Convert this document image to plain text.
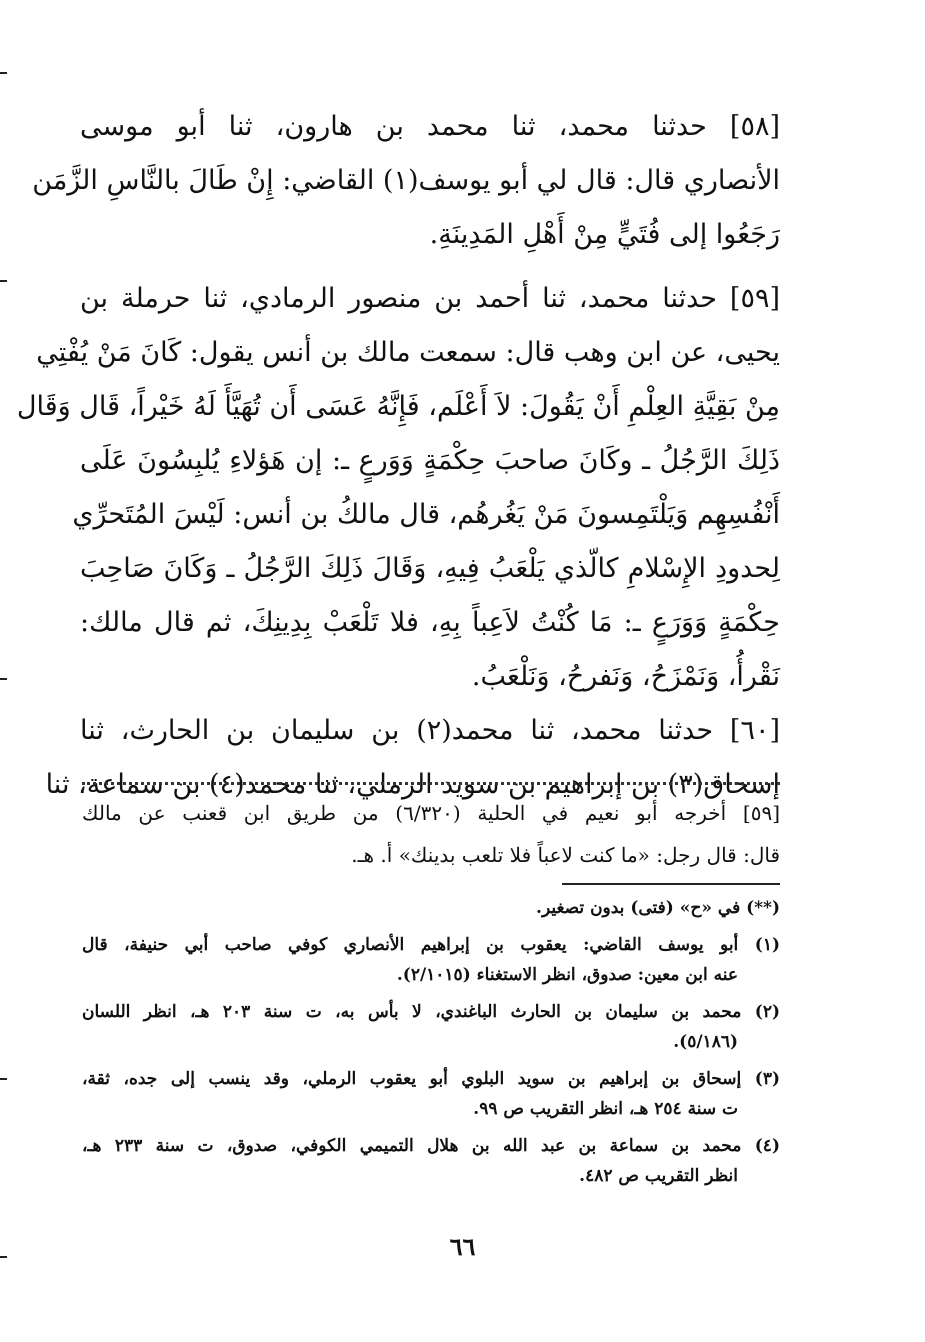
[٥٨] حدثنا محمد، ثنا محمد بن هارون، ثنا أبو موسى
الأنصاري قال: قال لي أبو يوسف(١) القاضي: إِنْ طَالَ بالنَّاسِ الزَّمَن
رَجَعُوا إلى فُتَيٍّ مِنْ أَهْلِ المَدِينَةِ.
[٥٩] حدثنا محمد، ثنا أحمد بن منصور الرمادي، ثنا حرملة بن
يحيى، عن ابن وهب قال: سمعت مالك بن أنس يقول: كَانَ مَنْ يُفْتِي
مِنْ بَقِيَّةِ العِلْمِ أَنْ يَقُولَ: لاَ أَعْلَم، فَإِنَّهُ عَسَى أَن تُهَيَّأَ لَهُ خَيْراً، قَال وَقَال
ذَلِكَ الرَّجُلُ ـ وكَانَ صاحبَ حِكْمَةٍ وَوَرعٍ ـ: إن هَؤلاءِ يُلبِسُونَ عَلَى
أَنْفُسِهِم وَيَلْتَمِسونَ مَنْ يَغُرهُم، قال مالكُ بن أنس: لَيْسَ المُتَحرِّي
لِحدودِ الإِسْلامِ كالّذي يَلْعَبُ فِيهِ، وَقَالَ ذَلِكَ الرَّجُلُ ـ وَكَانَ صَاحِبَ
حِكْمَةٍ وَوَرَعٍ ـ: مَا كُنْتُ لاَعِباً بِهِ، فلا تَلْعَبْ بِدِينِكَ، ثم قال مالك:
نَقْرأُ، وَنَمْزَحُ، وَنَفرحُ، وَنَلْعَبُ.
[٦٠] حدثنا محمد، ثنا محمد(٢) بن سليمان بن الحارث، ثنا
إسحاق(٣) بن إبراهيم بن سويد الرملي، ثنا محمد(٤) بن سماعة، ثنا
[٥٩] أخرجه أبو نعيم في الحلية (٦/٣٢٠) من طريق ابن قعنب عن مالك
قال: قال رجل: «ما كنت لاعباً فلا تلعب بدينك» أ. هـ.
(**) في «ح» (فتى) بدون تصغير.
(١) أبو يوسف القاضي: يعقوب بن إبراهيم الأنصاري كوفي صاحب أبي حنيفة، قال
عنه ابن معين: صدوق، انظر الاستغناء (٢/١٠١٥).
(٢) محمد بن سليمان بن الحارث الباغندي، لا بأس به، ت سنة ٢٠٣ هـ، انظر اللسان
(٥/١٨٦).
(٣) إسحاق بن إبراهيم بن سويد البلوي أبو يعقوب الرملي، وقد ينسب إلى جده، ثقة،
ت سنة ٢٥٤ هـ، انظر التقريب ص ٩٩.
(٤) محمد بن سماعة بن عبد الله بن هلال التميمي الكوفي، صدوق، ت سنة ٢٣٣ هـ،
انظر التقريب ص ٤٨٢.
٦٦
